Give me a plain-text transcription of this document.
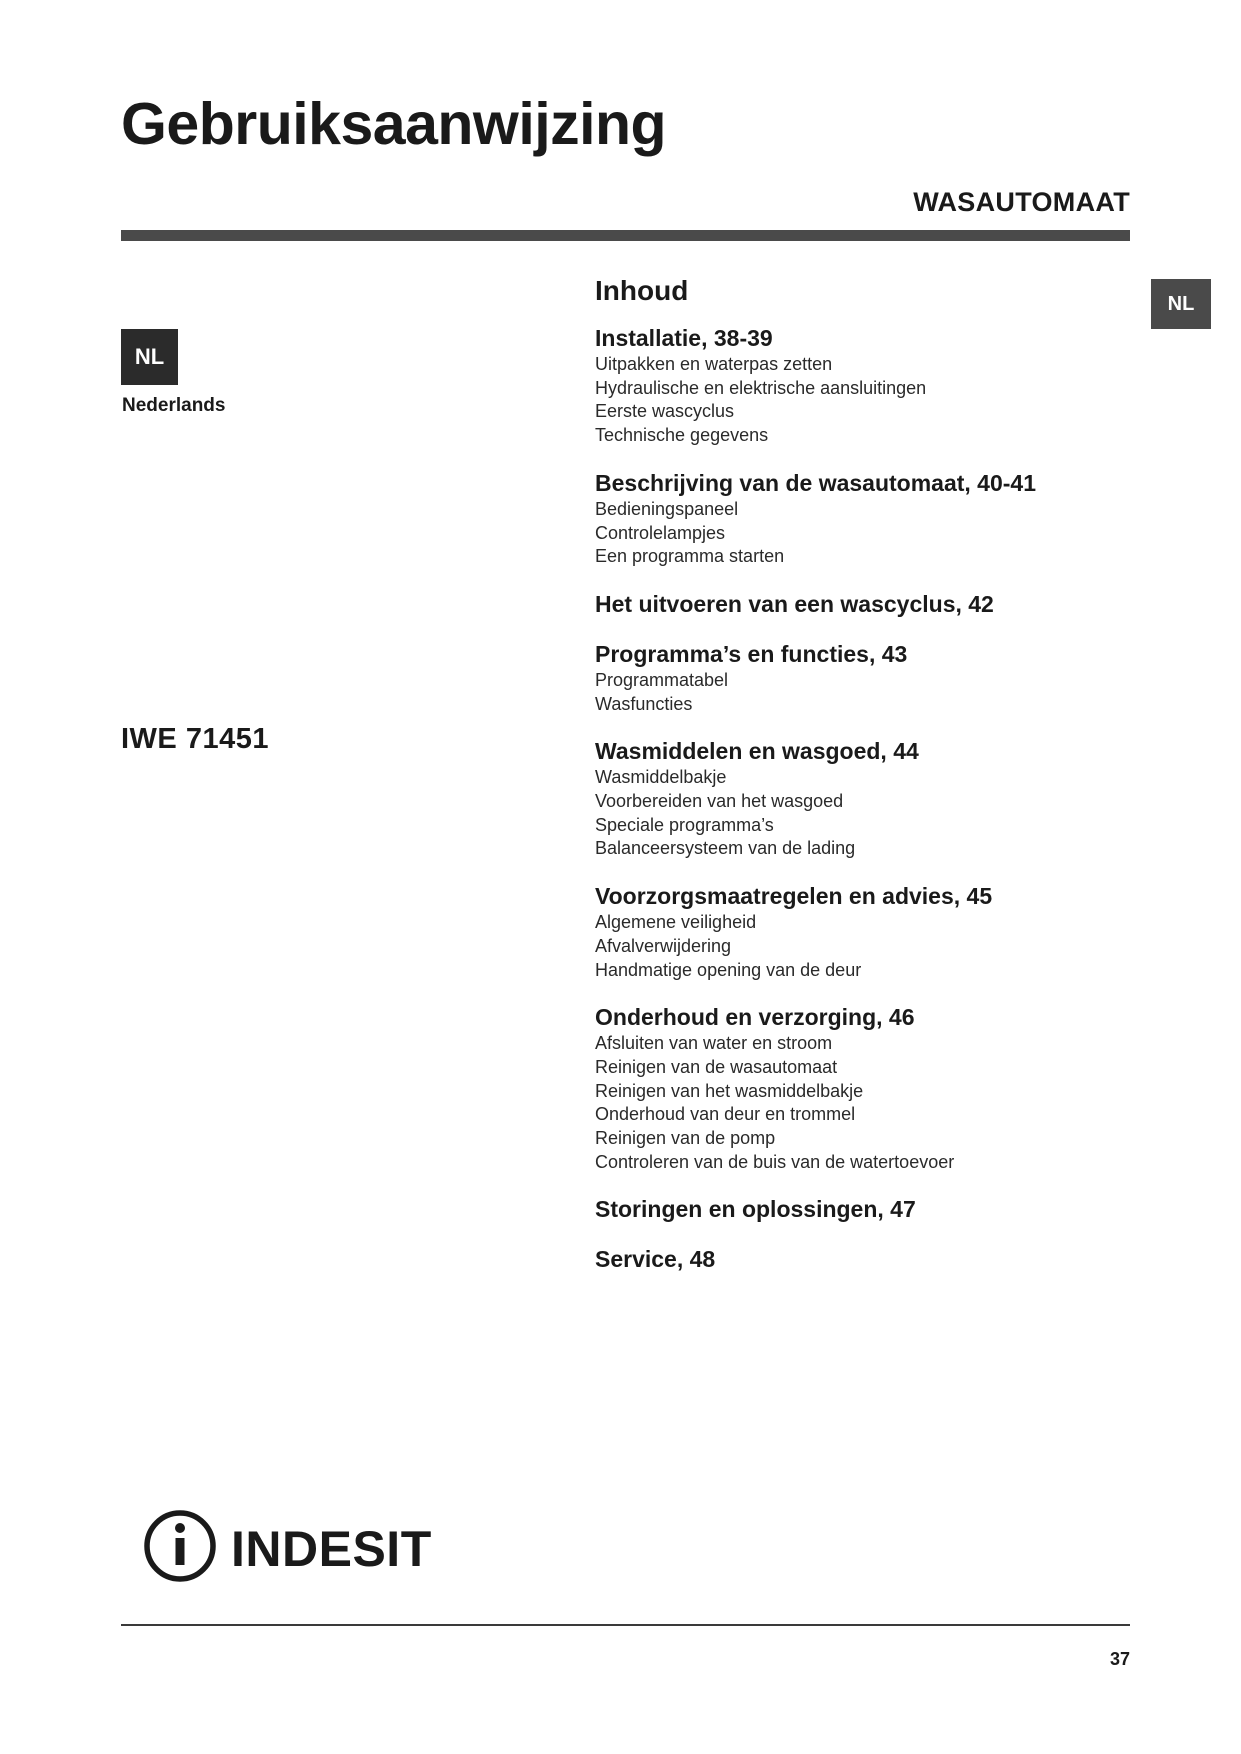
Gebruiksaanwijzing
WASAUTOMAAT
NL
NL
Nederlands
IWE 71451
Inhoud
Installatie, 38-39
Uitpakken en waterpas zetten
Hydraulische en elektrische aansluitingen
Eerste wascyclus
Technische gegevens
Beschrijving van de wasautomaat, 40-41
Bedieningspaneel
Controlelampjes
Een programma starten
Het uitvoeren van een wascyclus, 42
Programma’s en functies, 43
Programmatabel
Wasfuncties
Wasmiddelen en wasgoed, 44
Wasmiddelbakje
Voorbereiden van het wasgoed
Speciale programma’s
Balanceersysteem van de lading
Voorzorgsmaatregelen en advies, 45
Algemene veiligheid
Afvalverwijdering
Handmatige opening van de deur
Onderhoud en verzorging, 46
Afsluiten van water en stroom
Reinigen van de wasautomaat
Reinigen van het wasmiddelbakje
Onderhoud van deur en trommel
Reinigen van de pomp
Controleren van de buis van de watertoevoer
Storingen en oplossingen, 47
Service, 48
INDESIT
37
